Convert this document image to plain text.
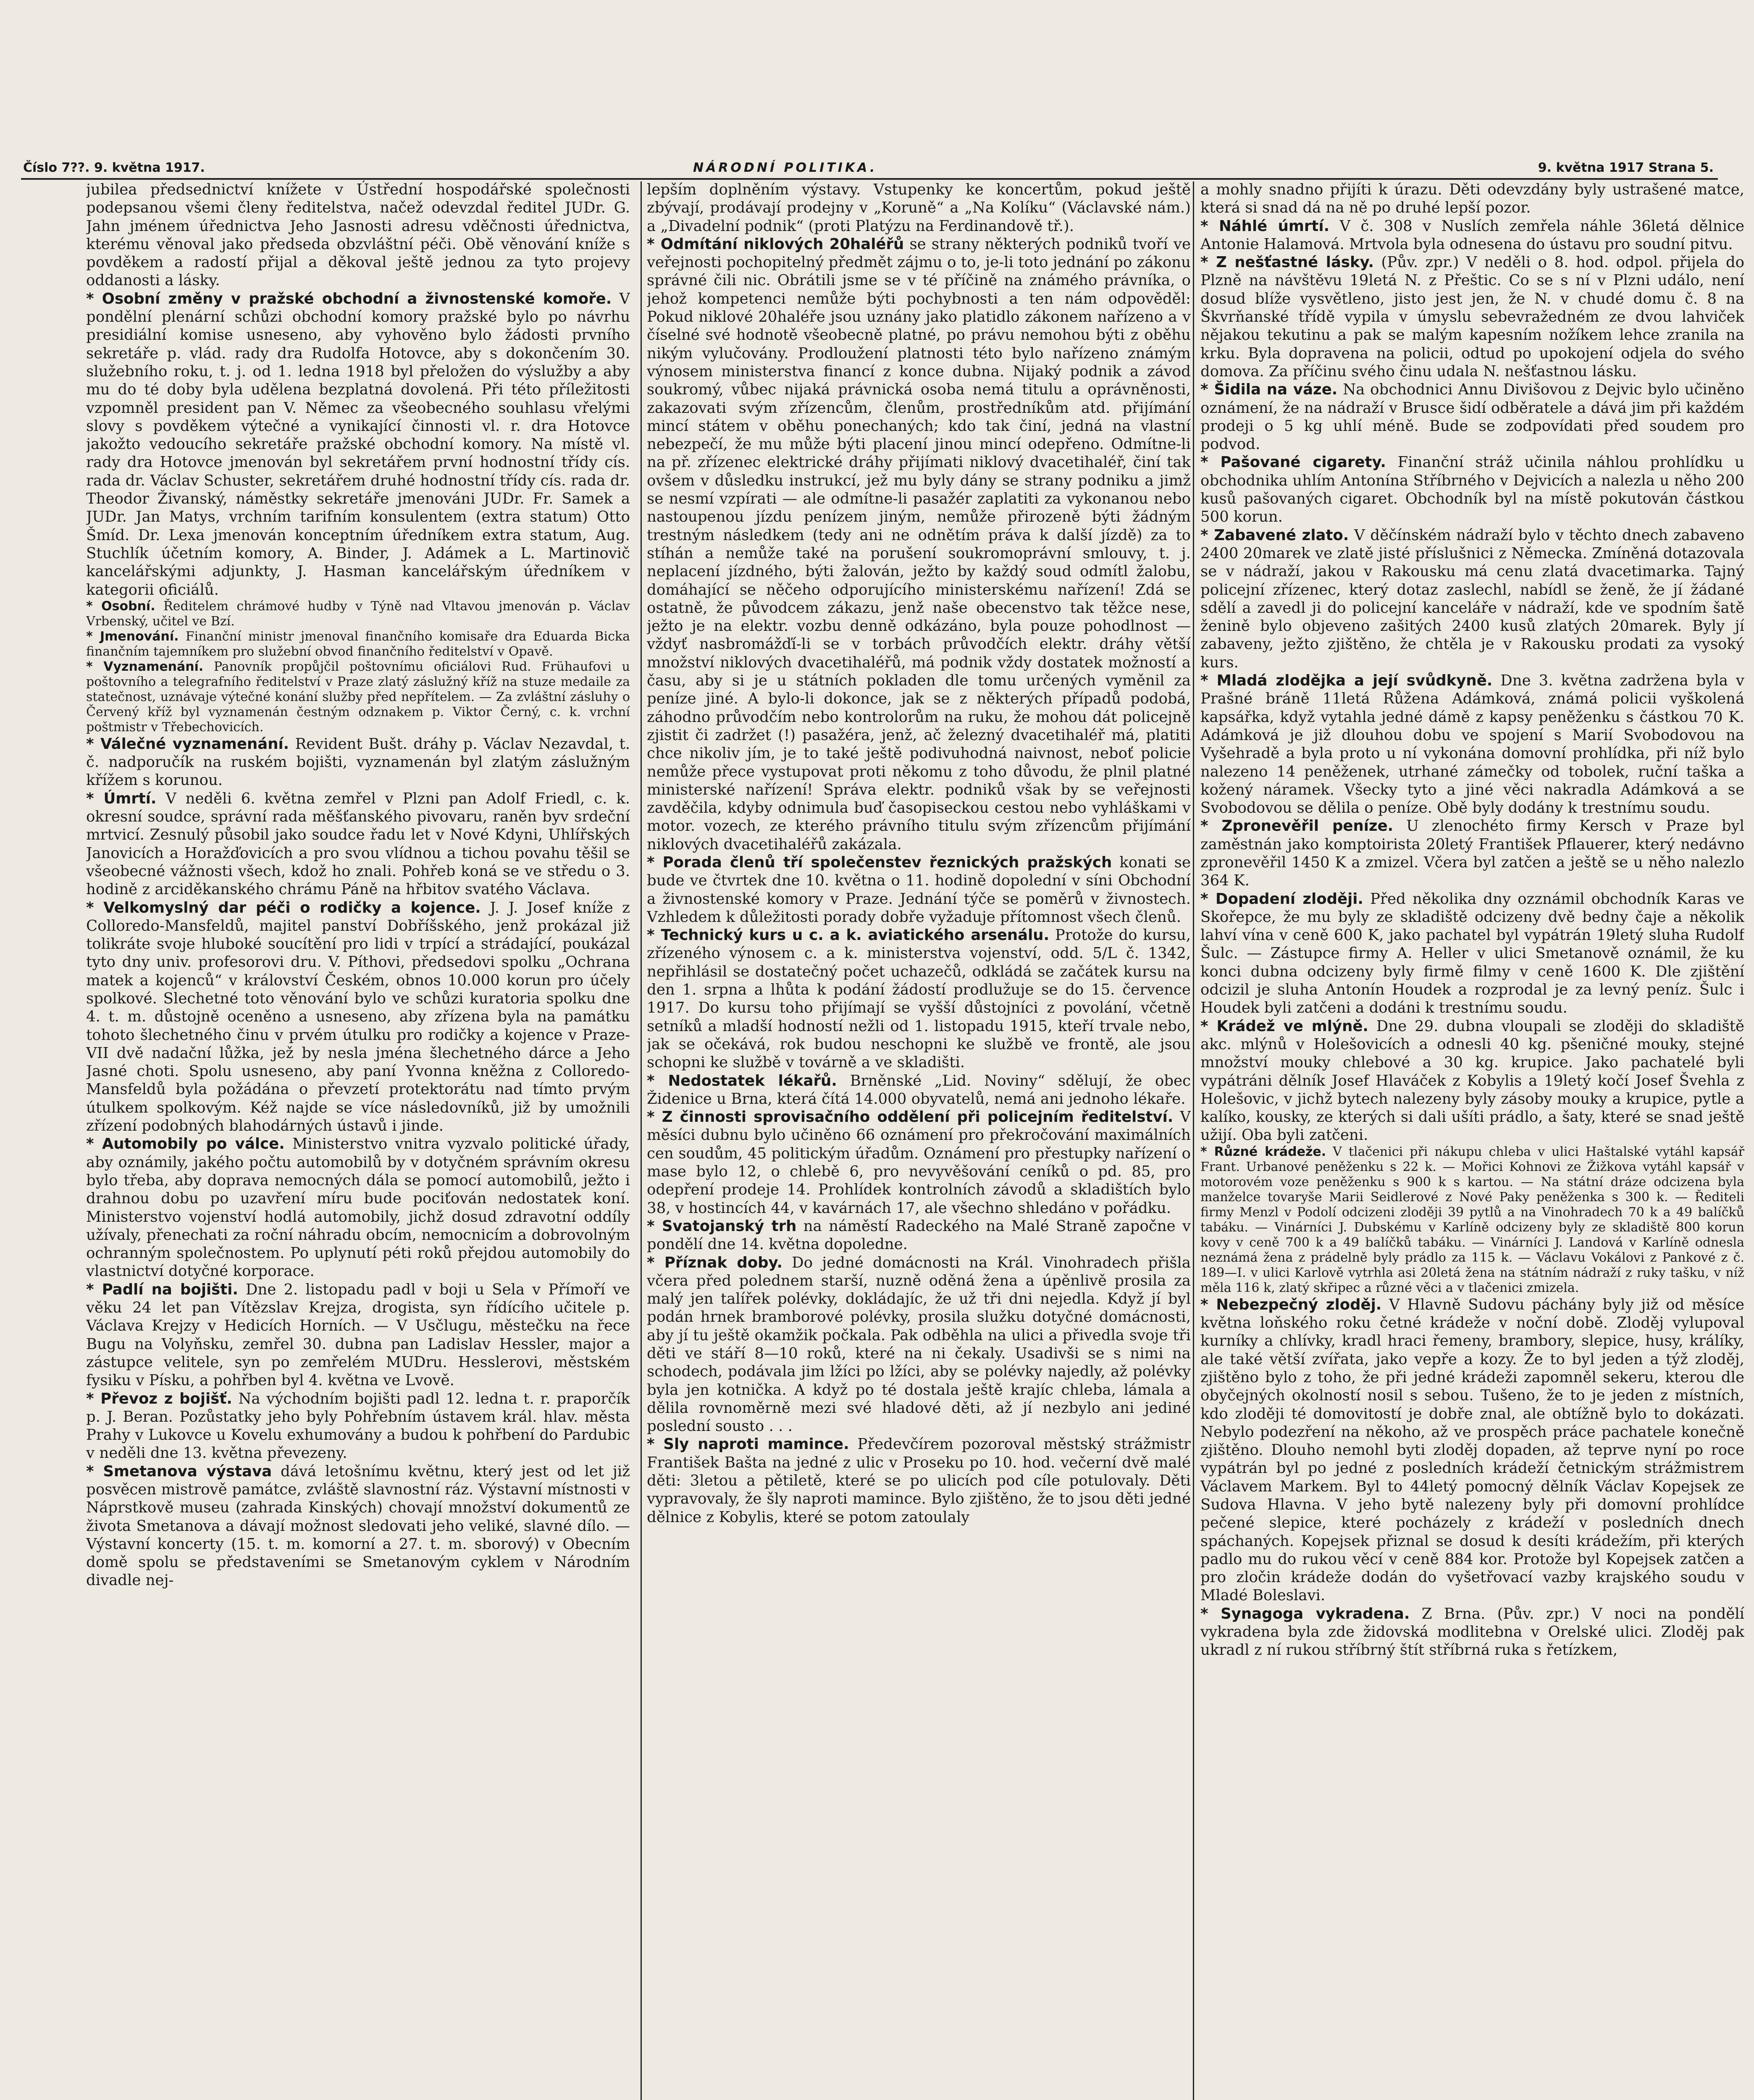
Číslo 7??. 9. května 1917.	NÁRODNÍ POLITIKA.	9. května 1917 Strana 5.

jubilea předsednictví knížete v Ústřední hospodářské společnosti podepsanou všemi členy ředitelstva, načež odevzdal ředitel JUDr. G. Jahn jménem úřednictva Jeho Jasnosti adresu vděčnosti úřednictva, kterému věnoval jako předseda obzvláštní péči. Obě věnování kníže s povděkem a radostí přijal a děkoval ještě jednou za tyto projevy oddanosti a lásky.

* Osobní změny v pražské obchodní a živnostenské komoře. V pondělní plenární schůzi obchodní komory pražské bylo po návrhu presidiální komise usneseno, aby vyhověno bylo žádosti prvního sekretáře p. vlád. rady dra Rudolfa Hotovce, aby s dokončením 30. služebního roku, t. j. od 1. ledna 1918 byl přeložen do výslužby a aby mu do té doby byla udělena bezplatná dovolená. Při této příležitosti vzpomněl president pan V. Němec za všeobecného souhlasu vřelými slovy s povděkem výtečné a vynikající činnosti vl. r. dra Hotovce jakožto vedoucího sekretáře pražské obchodní komory. Na místě vl. rady dra Hotovce jmenován byl sekretářem první hodnostní třídy cís. rada dr. Václav Schuster, sekretářem druhé hodnostní třídy cís. rada dr. Theodor Živanský, náměstky sekretáře jmenováni JUDr. Fr. Samek a JUDr. Jan Matys, vrchním tarifním konsulentem (extra statum) Otto Šmíd. Dr. Lexa jmenován konceptním úředníkem extra statum, Aug. Stuchlík účetním komory, A. Binder, J. Adámek a L. Martinovič kancelářskými adjunkty, J. Hasman kancelářským úředníkem v kategorii oficiálů.

* Osobní. Ředitelem chrámové hudby v Týně nad Vltavou jmenován p. Václav Vrbenský, učitel ve Bzí.

* Jmenování. Finanční ministr jmenoval finančního komisaře dra Eduarda Bicka finančním tajemníkem pro služební obvod finančního ředitelství v Opavě.

* Vyznamenání. Panovník propůjčil poštovnímu oficiálovi Rud. Frühaufovi u poštovního a telegrafního ředitelství v Praze zlatý záslužný kříž na stuze medaile za statečnost, uznávaje výtečné konání služby před nepřítelem. — Za zvláštní zásluhy o Červený kříž byl vyznamenán čestným odznakem p. Viktor Černý, c. k. vrchní poštmistr v Třebechovicích.

* Válečné vyznamenání. Revident Bušt. dráhy p. Václav Nezavdal, t. č. nadporučík na ruském bojišti, vyznamenán byl zlatým záslužným křížem s korunou.

* Úmrtí. V neděli 6. května zemřel v Plzni pan Adolf Friedl, c. k. okresní soudce, správní rada měšťanského pivovaru, raněn byv srdeční mrtvicí. Zesnulý působil jako soudce řadu let v Nové Kdyni, Uhlířských Janovicích a Horažďovicích a pro svou vlídnou a tichou povahu těšil se všeobecné vážnosti všech, kdož ho znali. Pohřeb koná se ve středu o 3. hodině z arciděkanského chrámu Páně na hřbitov svatého Václava.

* Velkomyslný dar péči o rodičky a kojence. J. J. Josef kníže z Colloredo-Mansfeldů, majitel panství Dobříšského, jenž prokázal již tolikráte svoje hluboké soucítění pro lidi v trpící a strádající, poukázal tyto dny univ. profesorovi dru. V. Píthovi, předsedovi spolku „Ochrana matek a kojenců“ v království Českém, obnos 10.000 korun pro účely spolkové. Slechetné toto věnování bylo ve schůzi kuratoria spolku dne 4. t. m. důstojně oceněno a usneseno, aby zřízena byla na památku tohoto šlechetného činu v prvém útulku pro rodičky a kojence v Praze-VII dvě nadační lůžka, jež by nesla jména šlechetného dárce a Jeho Jasné choti. Spolu usneseno, aby paní Yvonna kněžna z Colloredo-Mansfeldů byla požádána o převzetí protektorátu nad tímto prvým útulkem spolkovým. Kéž najde se více následovníků, již by umožnili zřízení podobných blahodárných ústavů i jinde.

* Automobily po válce. Ministerstvo vnitra vyzvalo politické úřady, aby oznámily, jakého počtu automobilů by v dotyčném správním okresu bylo třeba, aby doprava nemocných dála se pomocí automobilů, ježto i drahnou dobu po uzavření míru bude pociťován nedostatek koní. Ministerstvo vojenství hodlá automobily, jichž dosud zdravotní oddíly užívaly, přenechati za roční náhradu obcím, nemocnicím a dobrovolným ochranným společnostem. Po uplynutí péti roků přejdou automobily do vlastnictví dotyčné korporace.

* Padlí na bojišti. Dne 2. listopadu padl v boji u Sela v Přímoří ve věku 24 let pan Vítězslav Krejza, drogista, syn řídícího učitele p. Václava Krejzy v Hedicích Horních. — V Usčlugu, městečku na řece Bugu na Volyňsku, zemřel 30. dubna pan Ladislav Hessler, major a zástupce velitele, syn po zemřelém MUDru. Hesslerovi, městském fysiku v Písku, a pohřben byl 4. května ve Lvově.

* Převoz z bojišť. Na východním bojišti padl 12. ledna t. r. praporčík p. J. Beran. Pozůstatky jeho byly Pohřebním ústavem král. hlav. města Prahy v Lukovce u Kovelu exhumovány a budou k pohřbení do Pardubic v neděli dne 13. května převezeny.

* Smetanova výstava dává letošnímu květnu, který jest od let již posvěcen mistrově památce, zvláště slavnostní ráz. Výstavní místnosti v Náprstkově museu (zahrada Kinských) chovají množství dokumentů ze života Smetanova a dávají možnost sledovati jeho veliké, slavné dílo. — Výstavní koncerty (15. t. m. komorní a 27. t. m. sborový) v Obecním domě spolu se představeními se Smetanovým cyklem v Národním divadle nej-

lepším doplněním výstavy. Vstupenky ke koncertům, pokud ještě zbývají, prodávají prodejny v „Koruně“ a „Na Kolíku“ (Václavské nám.) a „Divadelní podnik“ (proti Platýzu na Ferdinandově tř.).

* Odmítání niklových 20haléřů se strany některých podniků tvoří ve veřejnosti pochopitelný předmět zájmu o to, je-li toto jednání po zákonu správné čili nic. Obrátili jsme se v té příčině na známého právníka, o jehož kompetenci nemůže býti pochybnosti a ten nám odpověděl: Pokud niklové 20haléře jsou uznány jako platidlo zákonem nařízeno a v číselné své hodnotě všeobecně platné, po právu nemohou býti z oběhu nikým vylučovány. Prodloužení platnosti této bylo nařízeno známým výnosem ministerstva financí z konce dubna. Nijaký podnik a závod soukromý, vůbec nijaká právnická osoba nemá titulu a oprávněnosti, zakazovati svým zřízencům, členům, prostředníkům atd. přijímání mincí státem v oběhu ponechaných; kdo tak činí, jedná na vlastní nebezpečí, že mu může býti placení jinou mincí odepřeno. Odmítne-li na př. zřízenec elektrické dráhy přijímati niklový dvacetihaléř, činí tak ovšem v důsledku instrukcí, jež mu byly dány se strany podniku a jimž se nesmí vzpírati — ale odmítne-li pasažér zaplatiti za vykonanou nebo nastoupenou jízdu penízem jiným, nemůže přirozeně býti žádným trestným následkem (tedy ani ne odnětím práva k další jízdě) za to stíhán a nemůže také na porušení soukromoprávní smlouvy, t. j. neplacení jízdného, býti žalován, ježto by každý soud odmítl žalobu, domáhající se něčeho odporujícího ministerskému nařízení! Zdá se ostatně, že původcem zákazu, jenž naše obecenstvo tak těžce nese, ježto je na elektr. vozbu denně odkázáno, byla pouze pohodlnost — vždyť nasbromážďí-li se v torbách průvodčích elektr. dráhy větší množství niklových dvacetihaléřů, má podnik vždy dostatek možností a času, aby si je u státních pokladen dle tomu určených vyměnil za peníze jiné. A bylo-li dokonce, jak se z některých případů podobá, záhodno průvodčím nebo kontrolorům na ruku, že mohou dát policejně zjistit či zadržet (!) pasažéra, jenž, ač železný dvacetihaléř má, platiti chce nikoliv jím, je to také ještě podivuhodná naivnost, neboť policie nemůže přece vystupovat proti někomu z toho důvodu, že plnil platné ministerské nařízení! Správa elektr. podniků však by se veřejnosti zavděčila, kdyby odnimula buď časopiseckou cestou nebo vyhláškami v motor. vozech, ze kterého právního titulu svým zřízencům přijímání niklových dvacetihaléřů zakázala.

* Porada členů tří společenstev řeznických pražských konati se bude ve čtvrtek dne 10. května o 11. hodině dopolední v síni Obchodní a živnostenské komory v Praze. Jednání týče se poměrů v živnostech. Vzhledem k důležitosti porady dobře vyžaduje přítomnost všech členů.

* Technický kurs u c. a k. aviatického arsenálu. Protože do kursu, zřízeného výnosem c. a k. ministerstva vojenství, odd. 5/L č. 1342, nepřihlásil se dostatečný počet uchazečů, odkládá se začátek kursu na den 1. srpna a lhůta k podání žádostí prodlužuje se do 15. července 1917. Do kursu toho přijímají se vyšší důstojníci z povolání, včetně setníků a mladší hodností nežli od 1. listopadu 1915, kteří trvale nebo, jak se očekává, rok budou neschopni ke službě ve frontě, ale jsou schopni ke službě v továrně a ve skladišti.

* Nedostatek lékařů. Brněnské „Lid. Noviny“ sdělují, že obec Židenice u Brna, která čítá 14.000 obyvatelů, nemá ani jednoho lékaře.

* Z činnosti sprovisačního oddělení při policejním ředitelství. V měsíci dubnu bylo učiněno 66 oznámení pro překročování maximálních cen soudům, 45 politickým úřadům. Oznámení pro přestupky nařízení o mase bylo 12, o chlebě 6, pro nevyvěšování ceníků o pd. 85, pro odepření prodeje 14. Prohlídek kontrolních závodů a skladištích bylo 38, v hostincích 44, v kavárnách 17, ale všechno shledáno v pořádku.

* Svatojanský trh na náměstí Radeckého na Malé Straně započne v pondělí dne 14. května dopoledne.

* Příznak doby. Do jedné domácnosti na Král. Vinohradech přišla včera před polednem starší, nuzně oděná žena a úpěnlivě prosila za malý jen talířek polévky, dokládajíc, že už tři dni nejedla. Když jí byl podán hrnek bramborové polévky, prosila služku dotyčné domácnosti, aby jí tu ještě okamžik počkala. Pak odběhla na ulici a přivedla svoje tři děti ve stáří 8—10 roků, které na ni čekaly. Usadivši se s nimi na schodech, podávala jim lžíci po lžíci, aby se polévky najedly, až polévky byla jen kotnička. A když po té dostala ještě krajíc chleba, lámala a dělila rovnoměrně mezi své hladové děti, až jí nezbylo ani jediné poslední sousto . . .

* Sly naproti mamince. Předevčírem pozoroval městský strážmistr František Bašta na jedné z ulic v Proseku po 10. hod. večerní dvě malé děti: 3letou a pětiletě, které se po ulicích pod cíle potulovaly. Děti vypravovaly, že šly naproti mamince. Bylo zjištěno, že to jsou děti jedné dělnice z Kobylis, které se potom zatoulaly

a mohly snadno přijíti k úrazu. Děti odevzdány byly ustrašené matce, která si snad dá na ně po druhé lepší pozor.

* Náhlé úmrtí. V č. 308 v Nuslích zemřela náhle 36letá dělnice Antonie Halamová. Mrtvola byla odnesena do ústavu pro soudní pitvu.

* Z nešťastné lásky. (Pův. zpr.) V neděli o 8. hod. odpol. přijela do Plzně na návštěvu 19letá N. z Přeštic. Co se s ní v Plzni událo, není dosud blíže vysvětleno, jisto jest jen, že N. v chudé domu č. 8 na Škvrňanské třídě vypila v úmyslu sebevražedném ze dvou lahviček nějakou tekutinu a pak se malým kapesním nožíkem lehce zranila na krku. Byla dopravena na policii, odtud po upokojení odjela do svého domova. Za příčinu svého činu udala N. nešťastnou lásku.

* Šidila na váze. Na obchodnici Annu Divišovou z Dejvic bylo učiněno oznámení, že na nádraží v Brusce šidí odběratele a dává jim při každém prodeji o 5 kg uhlí méně. Bude se zodpovídati před soudem pro podvod.

* Pašované cigarety. Finanční stráž učinila náhlou prohlídku u obchodnika uhlím Antonína Stříbrného v Dejvicích a nalezla u něho 200 kusů pašovaných cigaret. Obchodník byl na místě pokutován částkou 500 korun.

* Zabavené zlato. V děčínském nádraží bylo v těchto dnech zabaveno 2400 20marek ve zlatě jisté příslušnici z Německa. Zmíněná dotazovala se v nádraží, jakou v Rakousku má cenu zlatá dvacetimarka. Tajný policejní zřízenec, který dotaz zaslechl, nabídl se ženě, že jí žádané sdělí a zavedl ji do policejní kanceláře v nádraží, kde ve spodním šatě ženině bylo objeveno zašitých 2400 kusů zlatých 20marek. Byly jí zabaveny, ježto zjištěno, že chtěla je v Rakousku prodati za vysoký kurs.

* Mladá zlodějka a její svůdkyně. Dne 3. května zadržena byla v Prašné bráně 11letá Růžena Adámková, známá policii vyškolená kapsářka, když vytahla jedné dámě z kapsy peněženku s částkou 70 K. Adámková je již dlouhou dobu ve spojení s Marií Svobodovou na Vyšehradě a byla proto u ní vykonána domovní prohlídka, při níž bylo nalezeno 14 peněženek, utrhané zámečky od tobolek, ruční taška a kožený náramek. Všecky tyto a jiné věci nakradla Adámková a se Svobodovou se dělila o peníze. Obě byly dodány k trestnímu soudu.

* Zpronevěřil peníze. U zlenochéto firmy Kersch v Praze byl zaměstnán jako komptoirista 20letý František Pflauerer, který nedávno zpronevěřil 1450 K a zmizel. Včera byl zatčen a ještě se u něho nalezlo 364 K.

* Dopadení zloději. Před několika dny ozznámil obchodník Karas ve Skořepce, že mu byly ze skladiště odcizeny dvě bedny čaje a několik lahví vína v ceně 600 K, jako pachatel byl vypátrán 19letý sluha Rudolf Šulc. — Zástupce firmy A. Heller v ulici Smetanově oznámil, že ku konci dubna odcizeny byly firmě filmy v ceně 1600 K. Dle zjištění odcizil je sluha Antonín Houdek a rozprodal je za levný peníz. Šulc i Houdek byli zatčeni a dodáni k trestnímu soudu.

* Krádež ve mlýně. Dne 29. dubna vloupali se zloději do skladiště akc. mlýnů v Holešovicích a odnesli 40 kg. pšeničné mouky, stejné množství mouky chlebové a 30 kg. krupice. Jako pachatelé byli vypátráni dělník Josef Hlaváček z Kobylis a 19letý kočí Josef Švehla z Holešovic, v jichž bytech nalezeny byly zásoby mouky a krupice, pytle a kalíko, kousky, ze kterých si dali ušíti prádlo, a šaty, které se snad ještě užijí. Oba byli zatčeni.

* Různé krádeže. V tlačenici při nákupu chleba v ulici Haštalské vytáhl kapsář Frant. Urbanové peněženku s 22 k. — Mořici Kohnovi ze Žižkova vytáhl kapsář v motorovém voze peněženku s 900 k s kartou. — Na státní dráze odcizena byla manželce tovaryše Marii Seidlerové z Nové Paky peněženka s 300 k. — Řediteli firmy Menzl v Podolí odcizeni zloději 39 pytlů a na Vinohradech 70 k a 49 balíčků tabáku. — Vinárníci J. Dubskému v Karlíně odcizeny byly ze skladiště 800 korun kovy v ceně 700 k a 49 balíčků tabáku. — Vinárníci J. Landová v Karlíně odnesla neznámá žena z prádelně byly prádlo za 115 k. — Václavu Vokálovi z Pankové z č. 189—I. v ulici Karlově vytrhla asi 20letá žena na státním nádraží z ruky tašku, v níž měla 116 k, zlatý skřipec a různé věci a v tlačenici zmizela.

* Nebezpečný zloděj. V Hlavně Sudovu páchány byly již od měsíce května loňského roku četné krádeže v noční době. Zloděj vylupoval kurníky a chlívky, kradl hraci řemeny, brambory, slepice, husy, králíky, ale také větší zvířata, jako vepře a kozy. Že to byl jeden a týž zloděj, zjištěno bylo z toho, že při jedné krádeži zapomněl sekeru, kterou dle obyčejných okolností nosil s sebou. Tušeno, že to je jeden z místních, kdo zloději té domovitostí je dobře znal, ale obtížně bylo to dokázati. Nebylo podezření na někoho, až ve prospěch práce pachatele konečně zjištěno. Dlouho nemohl byti zloděj dopaden, až teprve nyní po roce vypátrán byl po jedné z posledních krádeží četnickým strážmistrem Václavem Markem. Byl to 44letý pomocný dělník Václav Kopejsek ze Sudova Hlavna. V jeho bytě nalezeny byly při domovní prohlídce pečené slepice, které pocházely z krádeží v posledních dnech spáchaných. Kopejsek přiznal se dosud k desíti krádežím, při kterých padlo mu do rukou věcí v ceně 884 kor. Protože byl Kopejsek zatčen a pro zločin krádeže dodán do vyšetřovací vazby krajského soudu v Mladé Boleslavi.

* Synagoga vykradena. Z Brna. (Pův. zpr.) V noci na pondělí vykradena byla zde židovská modlitebna v Orelské ulici. Zloděj pak ukradl z ní rukou stříbrný štít stříbrná ruka s řetízkem,
